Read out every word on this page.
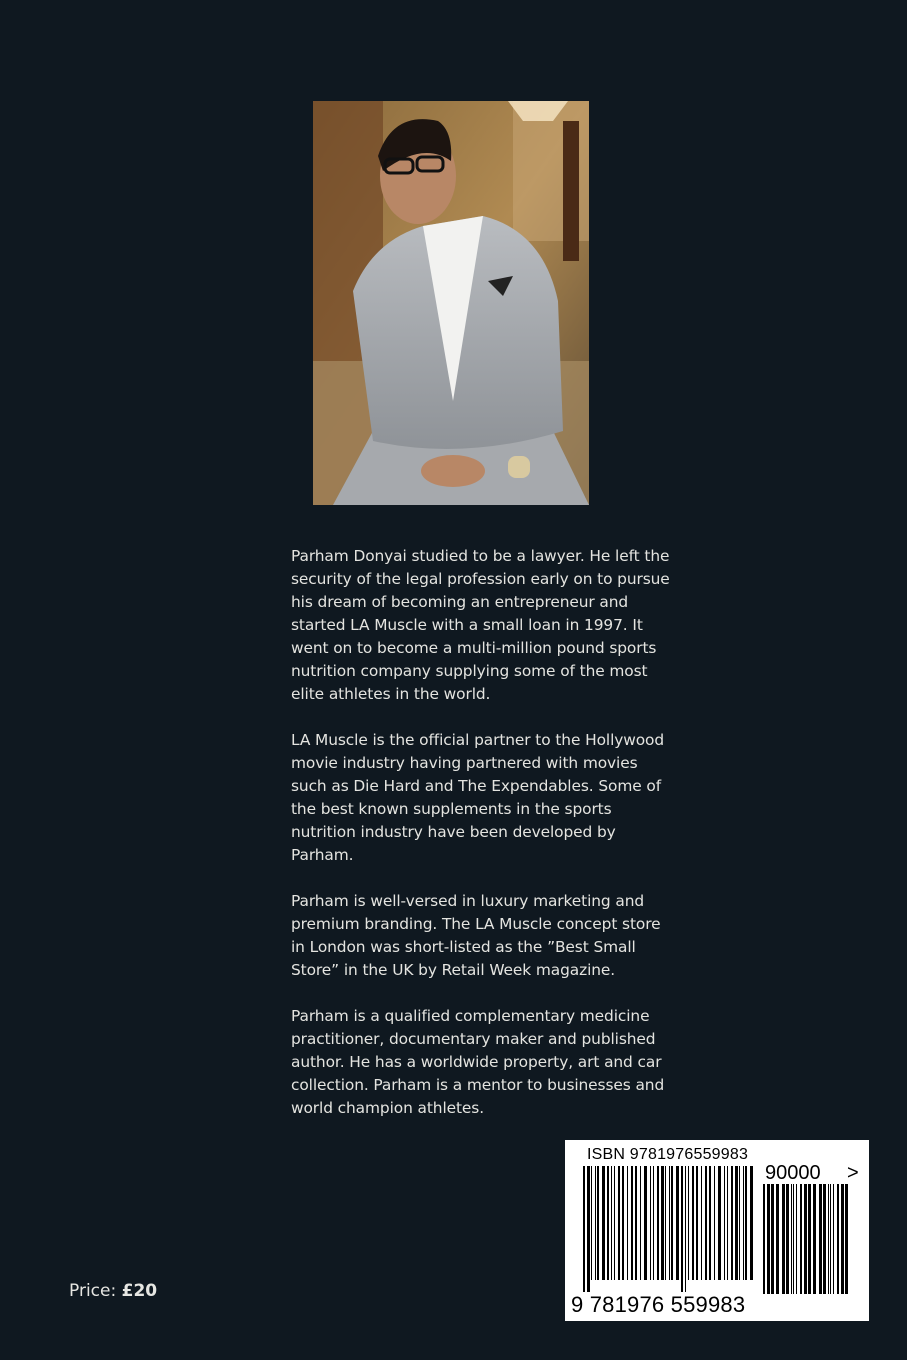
Parham Donyai studied to be a lawyer. He left the security of the legal profession early on to pursue his dream of becoming an entrepreneur and started LA Muscle with a small loan in 1997. It went on to become a multi-million pound sports nutrition company supplying some of the most elite athletes in the world.

LA Muscle is the official partner to the Hollywood movie industry having partnered with movies such as Die Hard and The Expendables. Some of the best known supplements in the sports nutrition industry have been developed by Parham.

Parham is well-versed in luxury marketing and premium branding. The LA Muscle concept store in London was short-listed as the ”Best Small Store” in the UK by Retail Week magazine.

Parham is a qualified complementary medicine practitioner, documentary maker and published author. He has a worldwide property, art and car collection. Parham is a mentor to businesses and world champion athletes.

Price: £20
ISBN 9781976559983
90000 >
9 781976 559983
